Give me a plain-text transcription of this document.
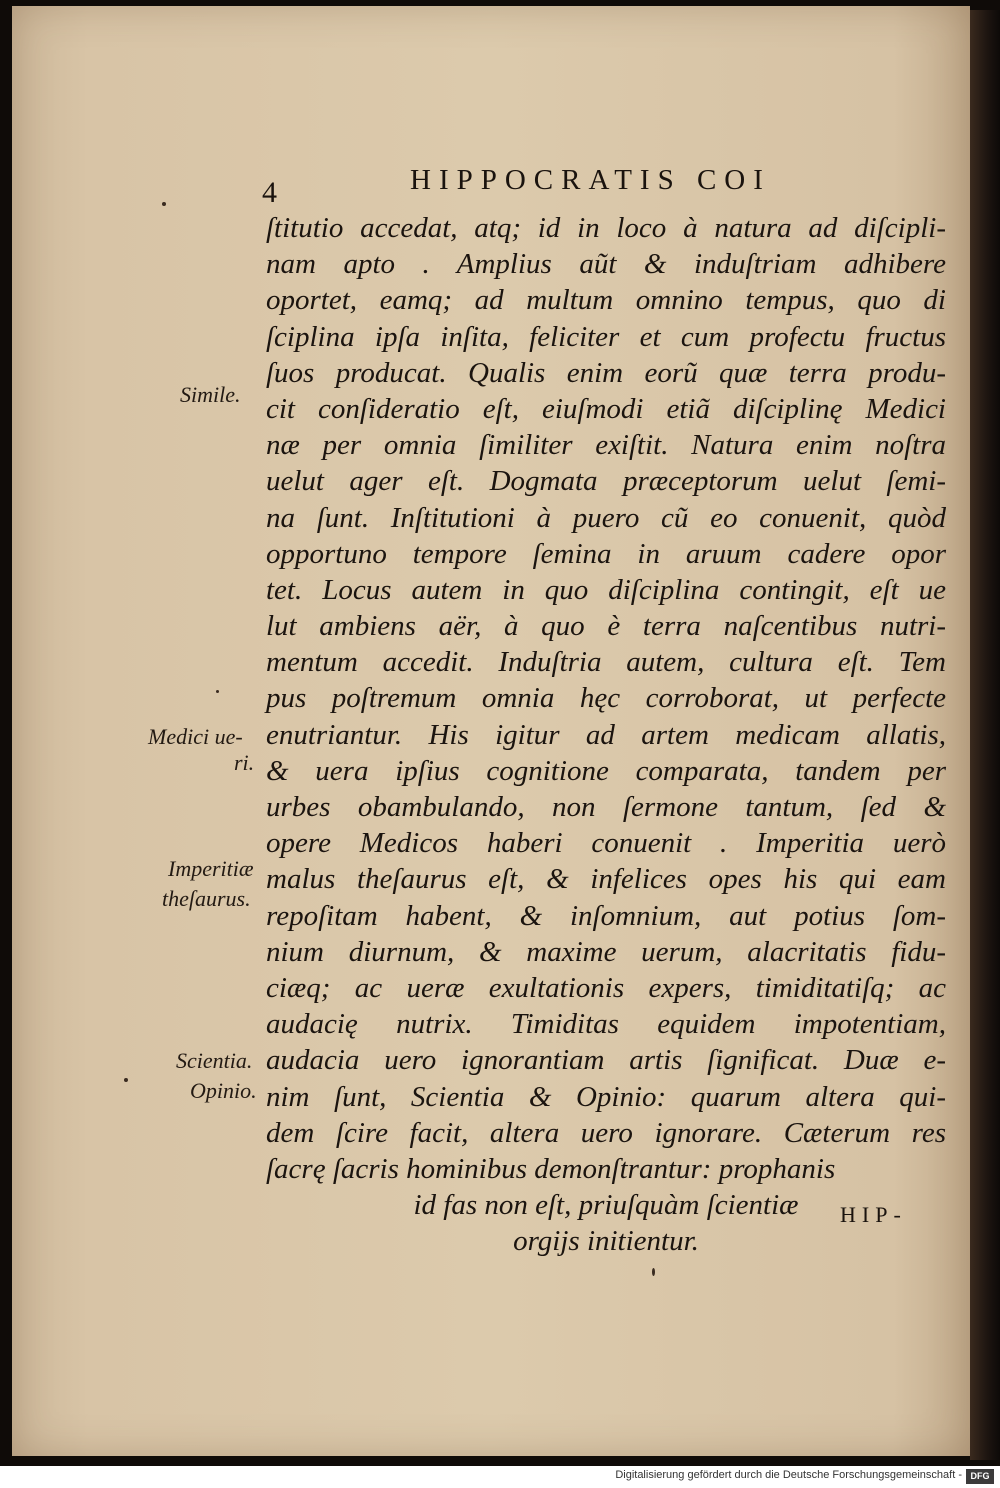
4	HIPPOCRATIS COI
ſtitutio accedat, atq; id in loco à natura ad diſcipli-
nam apto . Amplius aũt & induſtriam adhibere
oportet, eamq; ad multum omnino tempus, quo di
ſciplina ipſa inſita, feliciter et cum profectu fructus
ſuos producat. Qualis enim eorũ quæ terra produ-
cit conſideratio eſt, eiuſmodi etiã diſciplinę Medici
næ per omnia ſimiliter exiſtit. Natura enim noſtra
uelut ager eſt. Dogmata præceptorum uelut ſemi-
na ſunt. Inſtitutioni à puero cũ eo conuenit, quòd
opportuno tempore ſemina in aruum cadere opor
tet. Locus autem in quo diſciplina contingit, eſt ue
lut ambiens aër, à quo è terra naſcentibus nutri-
mentum accedit. Induſtria autem, cultura eſt. Tem
pus poſtremum omnia hęc corroborat, ut perfecte
enutriantur. His igitur ad artem medicam allatis,
& uera ipſius cognitione comparata, tandem per
urbes obambulando, non ſermone tantum, ſed &
opere Medicos haberi conuenit . Imperitia uerò
malus theſaurus eſt, & infelices opes his qui eam
repoſitam habent, & inſomnium, aut potius ſom-
nium diurnum, & maxime uerum, alacritatis fidu-
ciæq; ac ueræ exultationis expers, timiditatiſq; ac
audacię nutrix. Timiditas equidem impotentiam,
audacia uero ignorantiam artis ſignificat. Duæ e-
nim ſunt, Scientia & Opinio: quarum altera qui-
dem ſcire facit, altera uero ignorare. Cæterum res
ſacrę ſacris hominibus demonſtrantur: prophanis
id fas non eſt, priuſquàm ſcientiæ
orgijs initientur.
Simile.
Medici ue-
ri.
Imperitiæ
theſaurus.
Scientia.
Opinio.
HIP-
Digitalisierung gefördert durch die Deutsche Forschungsgemeinschaft - DFG
